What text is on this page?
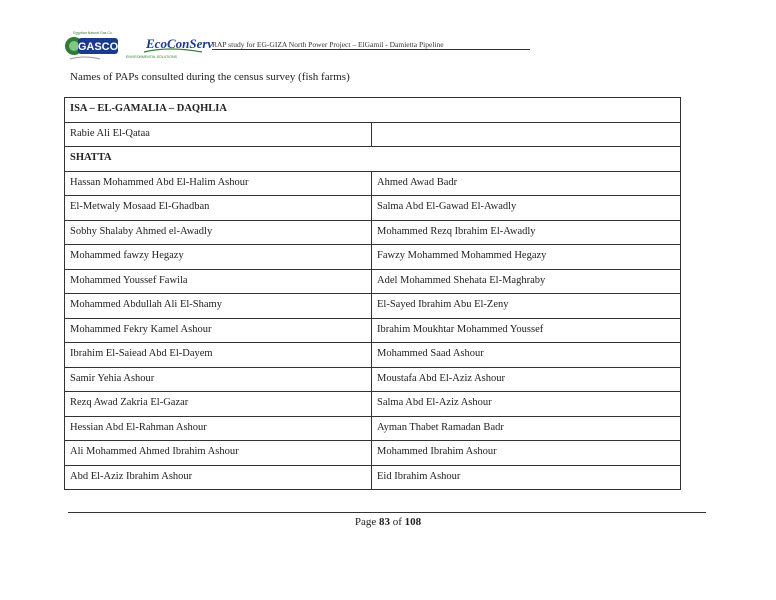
GASCO
Egyptian Natural Gas Co.
EcoConServ
ENVIRONMENTAL SOLUTIONS
RAP study for EG-GIZA North Power Project – ElGamil - Damietta Pipeline
Names of PAPs consulted during the census survey (fish farms)
ISA – EL-GAMALIA – DAQHLIA	
Rabie Ali El-Qataa	
SHATTA	
Hassan Mohammed Abd El-Halim Ashour	Ahmed Awad Badr
El-Metwaly Mosaad El-Ghadban	Salma Abd El-Gawad El-Awadly
Sobhy Shalaby Ahmed el-Awadly	Mohammed Rezq Ibrahim El-Awadly
Mohammed fawzy Hegazy	Fawzy Mohammed Mohammed Hegazy
Mohammed Youssef Fawila	Adel Mohammed Shehata El-Maghraby
Mohammed Abdullah Ali El-Shamy	El-Sayed Ibrahim Abu El-Zeny
Mohammed Fekry Kamel Ashour	Ibrahim Moukhtar Mohammed Youssef
Ibrahim El-Saiead Abd El-Dayem	Mohammed Saad Ashour
Samir Yehia Ashour	Moustafa Abd El-Aziz Ashour
Rezq Awad Zakria El-Gazar	Salma Abd El-Aziz Ashour
Hessian Abd El-Rahman Ashour	Ayman Thabet Ramadan Badr
Ali Mohammed Ahmed Ibrahim Ashour	Mohammed Ibrahim Ashour
Abd El-Aziz Ibrahim Ashour	Eid Ibrahim Ashour
Page 83 of 108
